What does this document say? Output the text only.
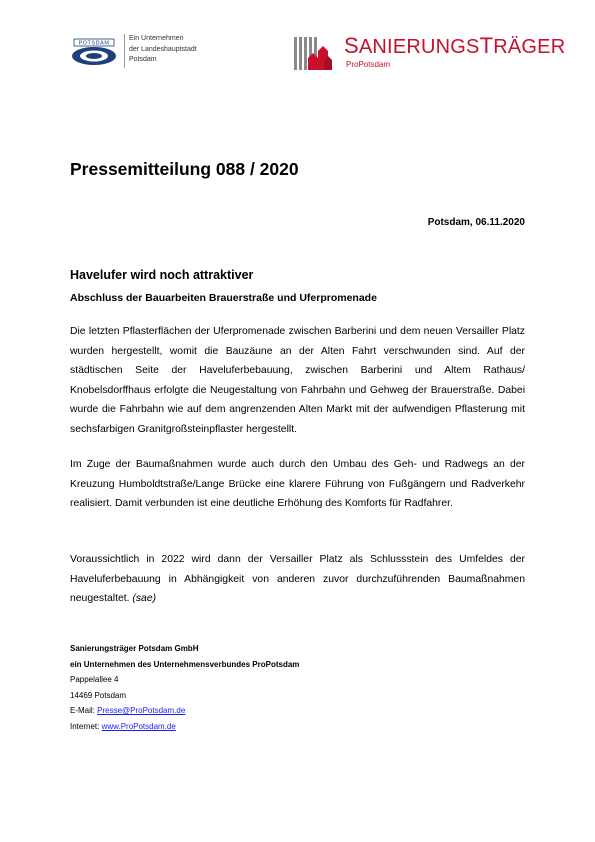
POTSDAM
Ein Unternehmen
der Landeshauptstadt
Potsdam
SANIERUNGSTRÄGER
ProPotsdam
Pressemitteilung 088 / 2020
Potsdam, 06.11.2020
Havelufer wird noch attraktiver
Abschluss der Bauarbeiten Brauerstraße und Uferpromenade
Die letzten Pflasterflächen der Uferpromenade zwischen Barberini und dem neuen Versailler Platz wurden hergestellt, womit die Bauzäune an der Alten Fahrt verschwunden sind. Auf der städtischen Seite der Haveluferbebauung, zwischen Barberini und Altem Rathaus/ Knobelsdorffhaus erfolgte die Neugestaltung von Fahrbahn und Gehweg der Brauerstraße. Dabei wurde die Fahrbahn wie auf dem angrenzenden Alten Markt mit der aufwendigen Pflasterung mit sechsfarbigen Granitgroßsteinpflaster hergestellt.
Im Zuge der Baumaßnahmen wurde auch durch den Umbau des Geh- und Radwegs an der Kreuzung Humboldtstraße/Lange Brücke eine klarere Führung von Fußgängern und Radverkehr realisiert. Damit verbunden ist eine deutliche Erhöhung des Komforts für Radfahrer.
Voraussichtlich in 2022 wird dann der Versailler Platz als Schlussstein des Umfeldes der Haveluferbebauung in Abhängigkeit von anderen zuvor durchzuführenden Baumaßnahmen neugestaltet. (sae)
Sanierungsträger Potsdam GmbH
ein Unternehmen des Unternehmensverbundes ProPotsdam
Pappelallee 4
14469 Potsdam
E-Mail: Presse@ProPotsdam.de
Internet: www.ProPotsdam.de
